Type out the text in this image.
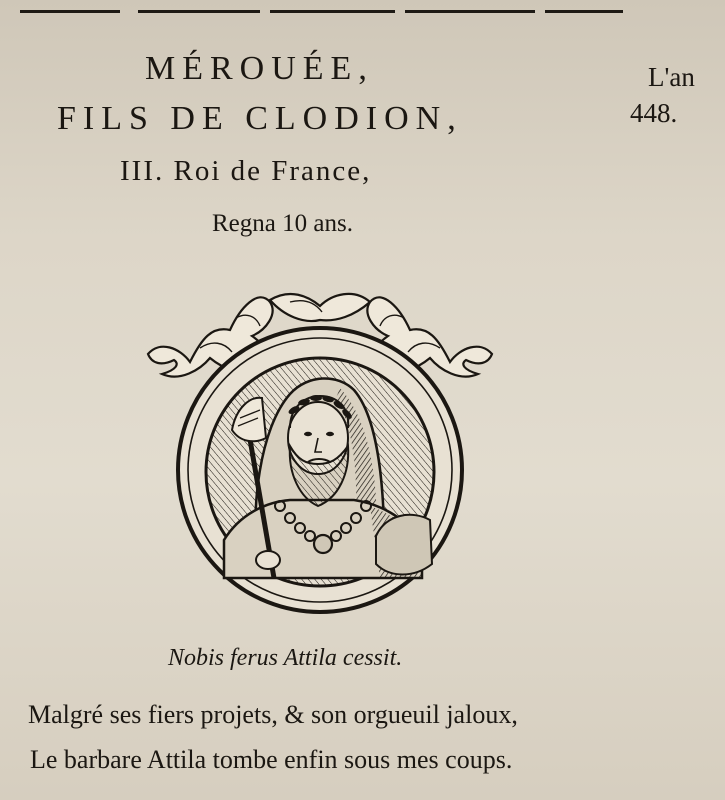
MÉROUÉE,
FILS DE CLODION,
III. Roi de France,
Regna 10 ans.
L'an
448.
Nobis ferus Attila cessit.
Malgré ses fiers projets, & son orgueuil jaloux,
Le barbare Attila tombe enfin sous mes coups.
